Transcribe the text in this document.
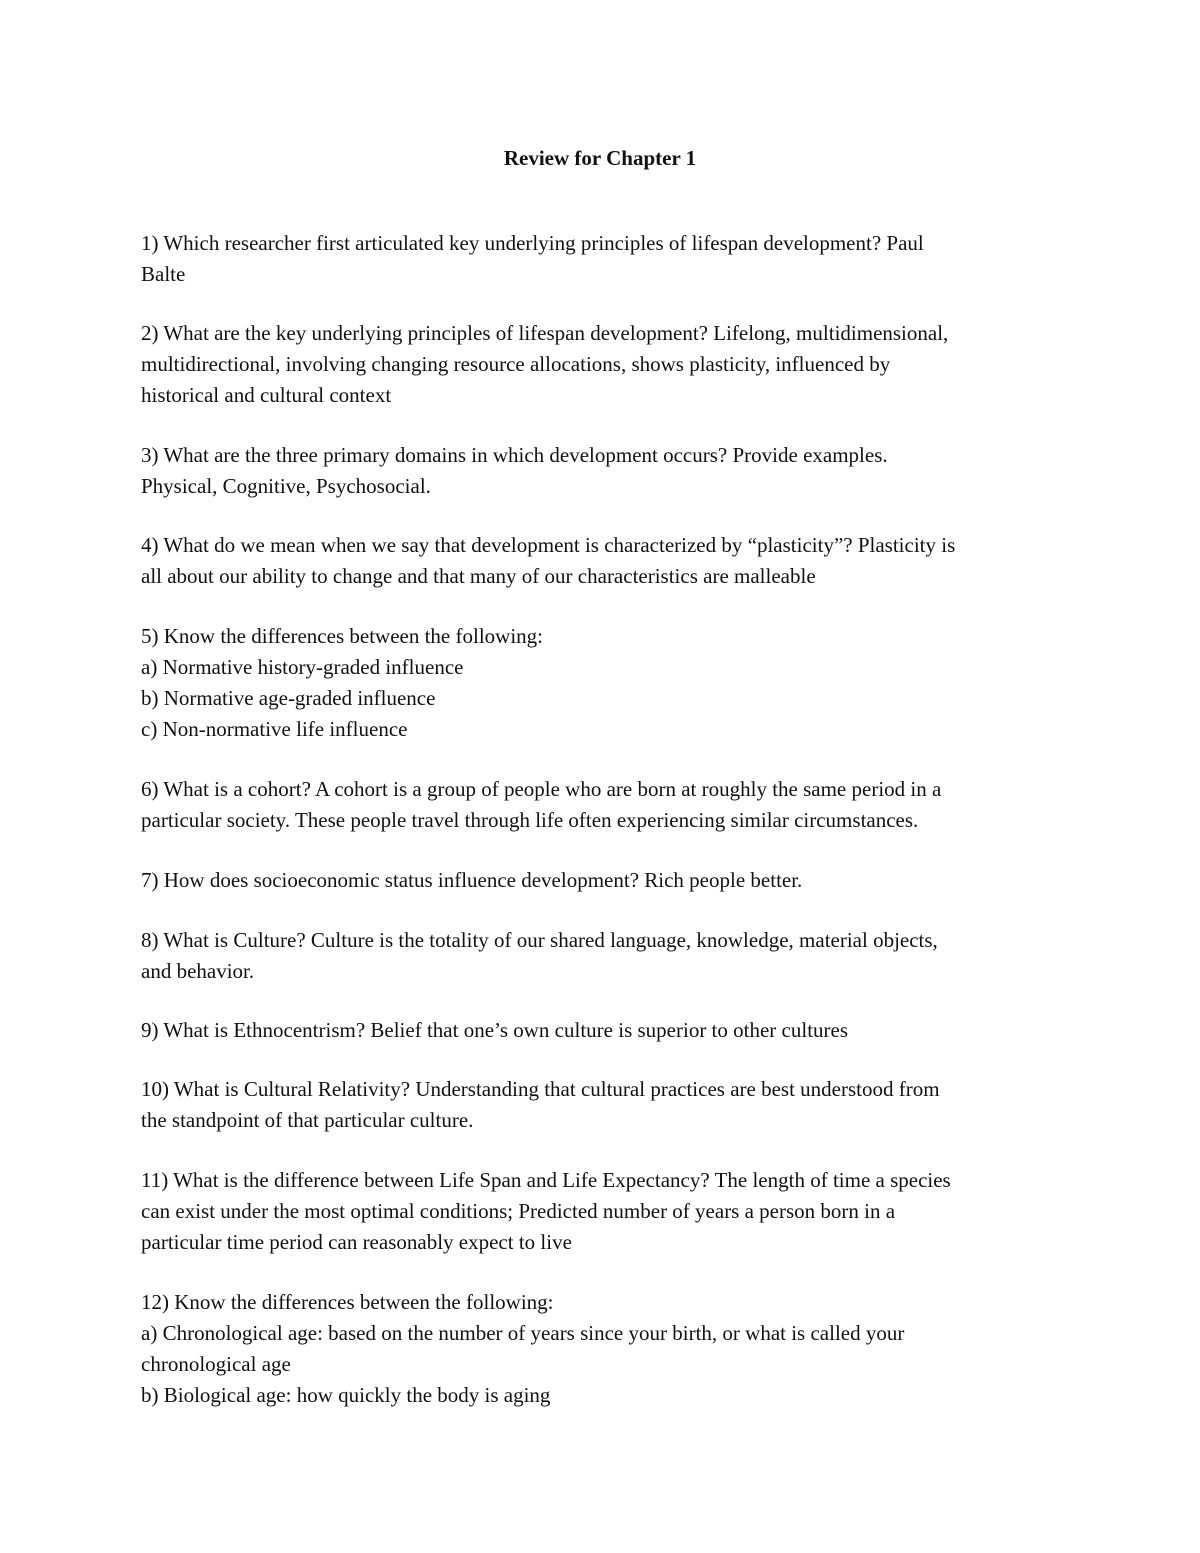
Review for Chapter 1

1) Which researcher first articulated key underlying principles of lifespan development? Paul
Balte

2) What are the key underlying principles of lifespan development? Lifelong, multidimensional,
multidirectional, involving changing resource allocations, shows plasticity, influenced by
historical and cultural context

3) What are the three primary domains in which development occurs? Provide examples.
Physical, Cognitive, Psychosocial.

4) What do we mean when we say that development is characterized by “plasticity”? Plasticity is
all about our ability to change and that many of our characteristics are malleable

5) Know the differences between the following:
a) Normative history-graded influence
b) Normative age-graded influence
c) Non-normative life influence

6) What is a cohort? A cohort is a group of people who are born at roughly the same period in a
particular society. These people travel through life often experiencing similar circumstances.

7) How does socioeconomic status influence development? Rich people better.

8) What is Culture? Culture is the totality of our shared language, knowledge, material objects,
and behavior.

9) What is Ethnocentrism? Belief that one’s own culture is superior to other cultures

10) What is Cultural Relativity? Understanding that cultural practices are best understood from
the standpoint of that particular culture.

11) What is the difference between Life Span and Life Expectancy? The length of time a species
can exist under the most optimal conditions; Predicted number of years a person born in a
particular time period can reasonably expect to live

12) Know the differences between the following:
a) Chronological age: based on the number of years since your birth, or what is called your
chronological age
b) Biological age: how quickly the body is aging
